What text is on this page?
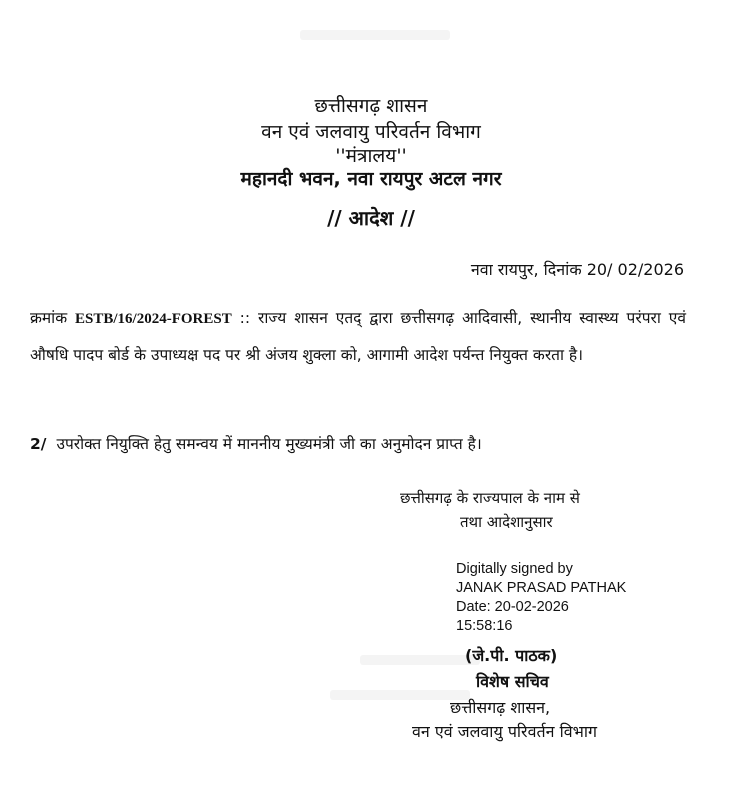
छत्तीसगढ़ शासन
वन एवं जलवायु परिवर्तन विभाग
''मंत्रालय''
महानदी भवन, नवा रायपुर अटल नगर
// आदेश //
नवा रायपुर, दिनांक 20/ 02/2026
क्रमांक ESTB/16/2024-FOREST :: राज्य शासन एतद् द्वारा छत्तीसगढ़ आदिवासी, स्थानीय स्वास्थ्य परंपरा एवं औषधि पादप बोर्ड के उपाध्यक्ष पद पर श्री अंजय शुक्ला को, आगामी आदेश पर्यन्त नियुक्त करता है।
2/ उपरोक्त नियुक्ति हेतु समन्वय में माननीय मुख्यमंत्री जी का अनुमोदन प्राप्त है।
छत्तीसगढ़ के राज्यपाल के नाम से
तथा आदेशानुसार
Digitally signed by
JANAK PRASAD PATHAK
Date: 20-02-2026
15:58:16
(जे.पी. पाठक)
विशेष सचिव
छत्तीसगढ़ शासन,
वन एवं जलवायु परिवर्तन विभाग
